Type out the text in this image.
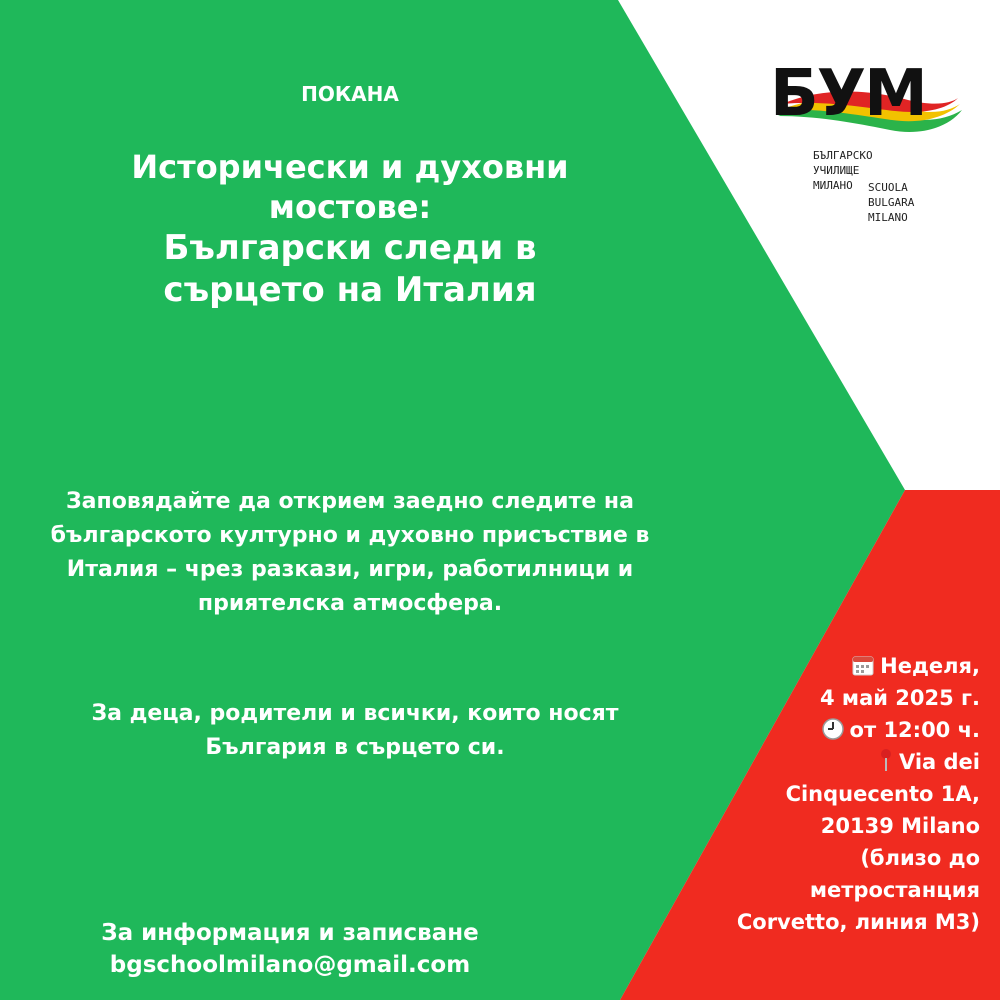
БУМ
БЪЛГАРСКО
УЧИЛИЩЕ
МИЛАНО	SCUOLA
BULGARA
MILANO
ПОКАНА
Исторически и духовни мостове:
Български следи в сърцето на Италия
Заповядайте да открием заедно следите на българското културно и духовно присъствие в Италия – чрез разкази, игри, работилници и приятелска атмосфера.
За деца, родители и всички, които носят България в сърцето си.
За информация и записване
bgschoolmilano@gmail.com
Неделя,
4 май 2025 г.
от 12:00 ч.
Via dei
Cinquecento 1A,
20139 Milano
(близо до
метростанция
Corvetto, линия M3)
